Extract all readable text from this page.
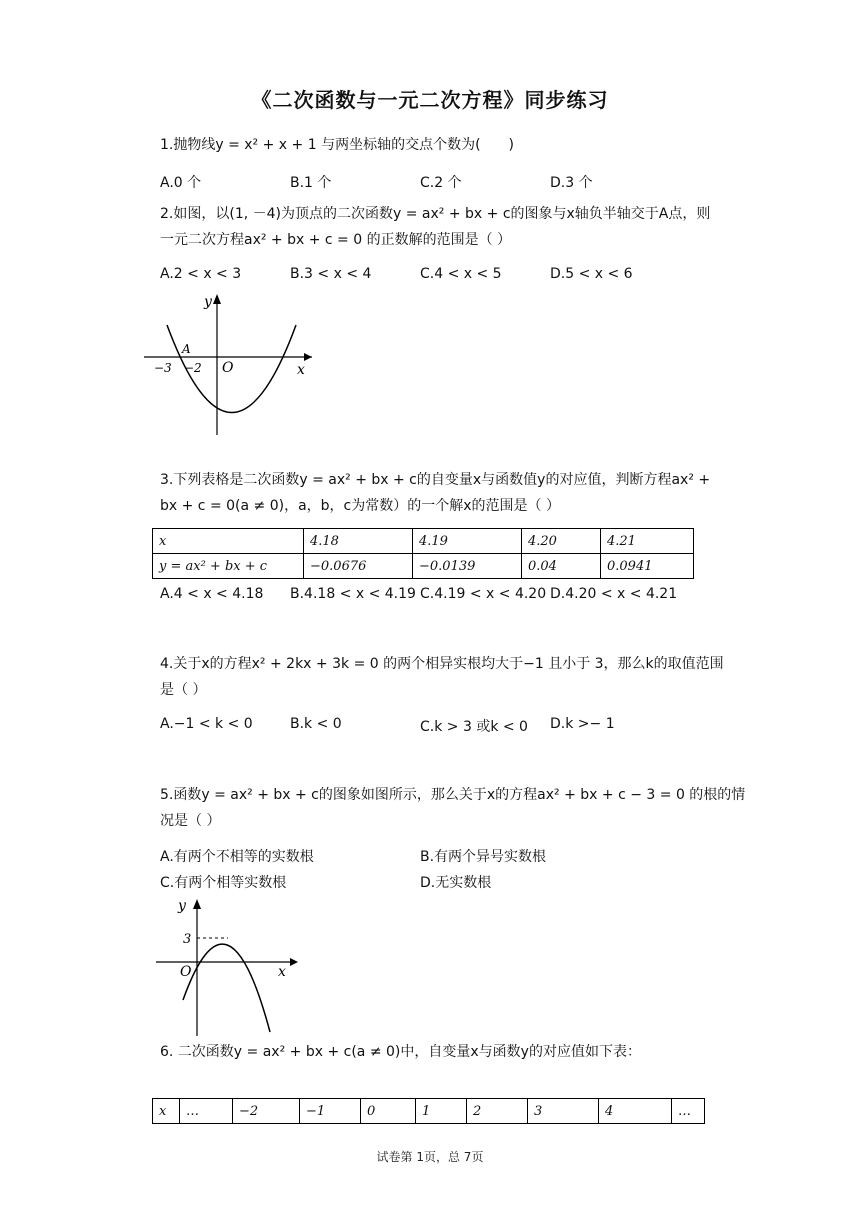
《二次函数与一元二次方程》同步练习
1.抛物线y = x² + x + 1 与两坐标轴的交点个数为(　　)
A.0 个	B.1 个	C.2 个	D.3 个
2.如图，以(1, －4)为顶点的二次函数y = ax² + bx + c的图象与x轴负半轴交于A点，则
一元二次方程ax² + bx + c = 0 的正数解的范围是（ ）
A.2 < x < 3	B.3 < x < 4	C.4 < x < 5	D.5 < x < 6
y
A
−3 −2 O	x
3.下列表格是二次函数y = ax² + bx + c的自变量x与函数值y的对应值，判断方程ax² +
bx + c = 0(a ≠ 0)，a，b，c为常数）的一个解x的范围是（ ）
x	4.18	4.19	4.20	4.21
y = ax² + bx + c	−0.0676	−0.0139	0.04	0.0941
A.4 < x < 4.18 B.4.18 < x < 4.19 C.4.19 < x < 4.20 D.4.20 < x < 4.21
4.关于x的方程x² + 2kx + 3k = 0 的两个相异实根均大于−1 且小于 3，那么k的取值范围
是（ ）
A.−1 < k < 0	B.k < 0	C.k > 3 或k < 0 D.k >− 1
5.函数y = ax² + bx + c的图象如图所示，那么关于x的方程ax² + bx + c − 3 = 0 的根的情
况是（ ）
A.有两个不相等的实数根	B.有两个异号实数根
C.有两个相等实数根	D.无实数根
y
3
O	x
6. 二次函数y = ax² + bx + c(a ≠ 0)中，自变量x与函数y的对应值如下表：
x	…	−2	−1	0	1	2	3	4	…
试卷第 1页，总 7页
